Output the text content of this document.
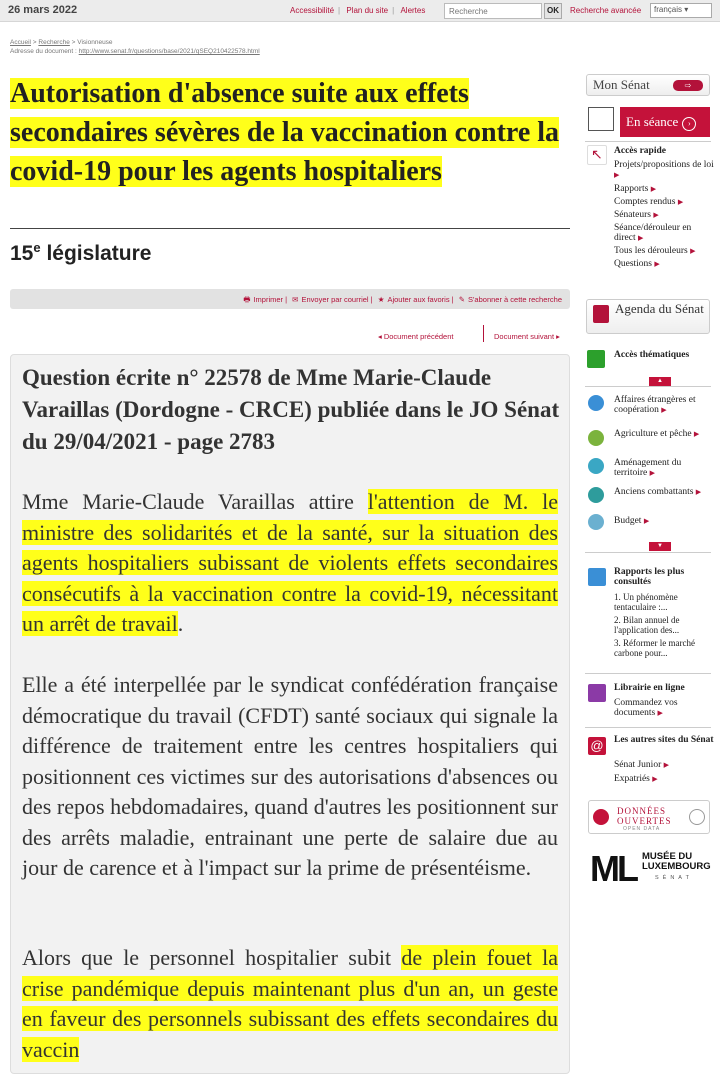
26 mars 2022	Accessibilité | Plan du site | Alertes
Recherche	OK	Recherche avancée	français ▾
Accueil > Recherche > Visionneuse
Adresse du document : http://www.senat.fr/questions/base/2021/qSEQ210422578.html
Autorisation d'absence suite aux effets secondaires sévères de la vaccination contre la covid-19 pour les agents hospitaliers
15e législature
🖶 Imprimer | ✉ Envoyer par courriel | ★ Ajouter aux favoris | ✎ S'abonner à cette recherche
◂ Document précédent	Document suivant ▸
Question écrite n° 22578 de Mme Marie-Claude Varaillas (Dordogne - CRCE) publiée dans le JO Sénat du 29/04/2021 - page 2783
Mme Marie-Claude Varaillas attire l'attention de M. le ministre des solidarités et de la santé, sur la situation des agents hospitaliers subissant de violents effets secondaires consécutifs à la vaccination contre la covid-19, nécessitant un arrêt de travail.
Elle a été interpellée par le syndicat confédération française démocratique du travail (CFDT) santé sociaux qui signale la différence de traitement entre les centres hospitaliers qui positionnent ces victimes sur des autorisations d'absences ou des repos hebdomadaires, quand d'autres les positionnent sur des arrêts maladie, entrainant une perte de salaire due au jour de carence et à l'impact sur la prime de présentéisme.
Alors que le personnel hospitalier subit de plein fouet la crise pandémique depuis maintenant plus d'un an, un geste en faveur des personnels subissant des effets secondaires du vaccin
Mon Sénat	⇨
En séance ›
↖	Accès rapide
Projets/propositions de loi ▶
Rapports ▶
Comptes rendus ▶
Sénateurs ▶
Séance/dérouleur en direct ▶
Tous les dérouleurs ▶
Questions ▶
Agenda du Sénat
Accès thématiques
▲
Affaires étrangères et coopération ▶
Agriculture et pêche ▶
Aménagement du territoire ▶
Anciens combattants ▶
Budget ▶
▼
Rapports les plus consultés
1. Un phénomène tentaculaire :...
2. Bilan annuel de l'application des...
3. Réformer le marché carbone pour...
Librairie en ligne
Commandez vos documents ▶
@ Les autres sites du Sénat
Sénat Junior ▶
Expatriés ▶
DONNÉES OUVERTES
OPEN DATA
ML MUSÉE DU LUXEMBOURG
SÉNAT
